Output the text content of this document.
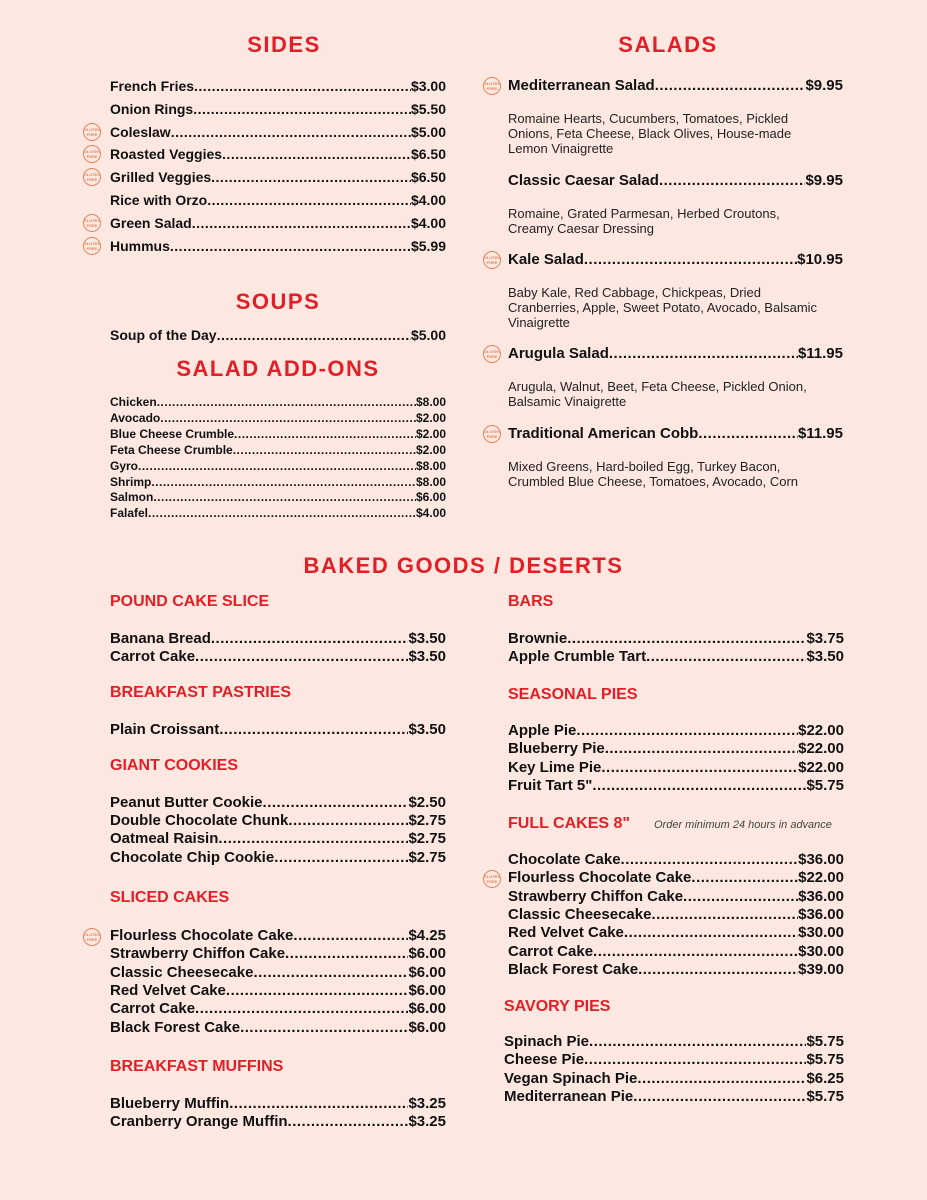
SIDES
French Fries .....	$3.00
Onion Rings .....	$5.50
Coleslaw .....	$5.00
Roasted Veggies .....	$6.50
Grilled Veggies .....	$6.50
Rice with Orzo .....	$4.00
Green Salad .....	$4.00
Hummus .....	$5.99
SOUPS
Soup of the Day .....	$5.00
SALAD ADD-ONS
Chicken .....	$8.00
Avocado .....	$2.00
Blue Cheese Crumble .....	$2.00
Feta Cheese Crumble .....	$2.00
Gyro .....	$8.00
Shrimp .....	$8.00
Salmon .....	$6.00
Falafel .....	$4.00
SALADS
Mediterranean Salad .....	$9.95
Romaine Hearts, Cucumbers, Tomatoes, Pickled Onions, Feta Cheese, Black Olives, House-made Lemon Vinaigrette
Classic Caesar Salad .....	$9.95
Romaine, Grated Parmesan, Herbed Croutons, Creamy Caesar Dressing
Kale Salad .....	$10.95
Baby Kale, Red Cabbage, Chickpeas, Dried Cranberries, Apple, Sweet Potato, Avocado, Balsamic Vinaigrette
Arugula Salad .....	$11.95
Arugula, Walnut, Beet, Feta Cheese, Pickled Onion, Balsamic Vinaigrette
Traditional American Cobb .....	$11.95
Mixed Greens, Hard-boiled Egg, Turkey Bacon, Crumbled Blue Cheese, Tomatoes, Avocado, Corn
BAKED GOODS / DESERTS
POUND CAKE SLICE
Banana Bread .....	$3.50
Carrot Cake .....	$3.50
BREAKFAST PASTRIES
Plain Croissant .....	$3.50
GIANT COOKIES
Peanut Butter Cookie .....	$2.50
Double Chocolate Chunk .....	$2.75
Oatmeal Raisin .....	$2.75
Chocolate Chip Cookie .....	$2.75
SLICED CAKES
Flourless Chocolate Cake .....	$4.25
Strawberry Chiffon Cake .....	$6.00
Classic Cheesecake .....	$6.00
Red Velvet Cake .....	$6.00
Carrot Cake .....	$6.00
Black Forest Cake .....	$6.00
BREAKFAST MUFFINS
Blueberry Muffin .....	$3.25
Cranberry Orange Muffin .....	$3.25
BARS
Brownie .....	$3.75
Apple Crumble Tart .....	$3.50
SEASONAL PIES
Apple Pie .....	$22.00
Blueberry Pie .....	$22.00
Key Lime Pie .....	$22.00
Fruit Tart 5" .....	$5.75
FULL CAKES 8" Order minimum 24 hours in advance
Chocolate Cake .....	$36.00
Flourless Chocolate Cake .....	$22.00
Strawberry Chiffon Cake .....	$36.00
Classic Cheesecake .....	$36.00
Red Velvet Cake .....	$30.00
Carrot Cake .....	$30.00
Black Forest Cake .....	$39.00
SAVORY PIES
Spinach Pie .....	$5.75
Cheese Pie .....	$5.75
Vegan Spinach Pie .....	$6.25
Mediterranean Pie .....	$5.75
GLUTEN
FREE
GLUTEN
FREE
GLUTEN
FREE
GLUTEN
FREE
GLUTEN
FREE
GLUTEN
FREE
GLUTEN
FREE
GLUTEN
FREE
GLUTEN
FREE
GLUTEN
FREE
GLUTEN
FREE
